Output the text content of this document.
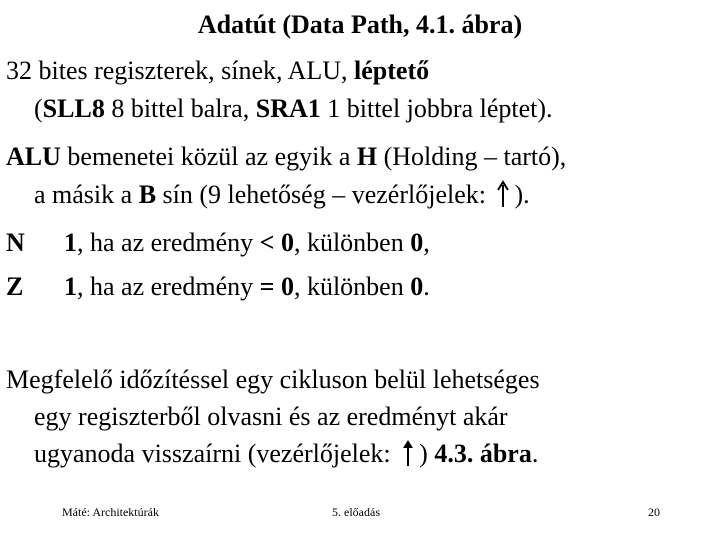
Adatút (Data Path, 4.1. ábra)
32 bites regiszterek, sínek, ALU, léptető
(SLL8 8 bittel balra, SRA1 1 bittel jobbra léptet).
ALU bemenetei közül az egyik a H (Holding – tartó),
a másik a B sín (9 lehetőség – vezérlőjelek: ).
N 1, ha az eredmény < 0, különben 0,
Z 1, ha az eredmény = 0, különben 0.
Megfelelő időzítéssel egy cikluson belül lehetséges
egy regiszterből olvasni és az eredményt akár
ugyanoda visszaírni (vezérlőjelek: ) 4.3. ábra.
Máté: Architektúrák	5. előadás	20
